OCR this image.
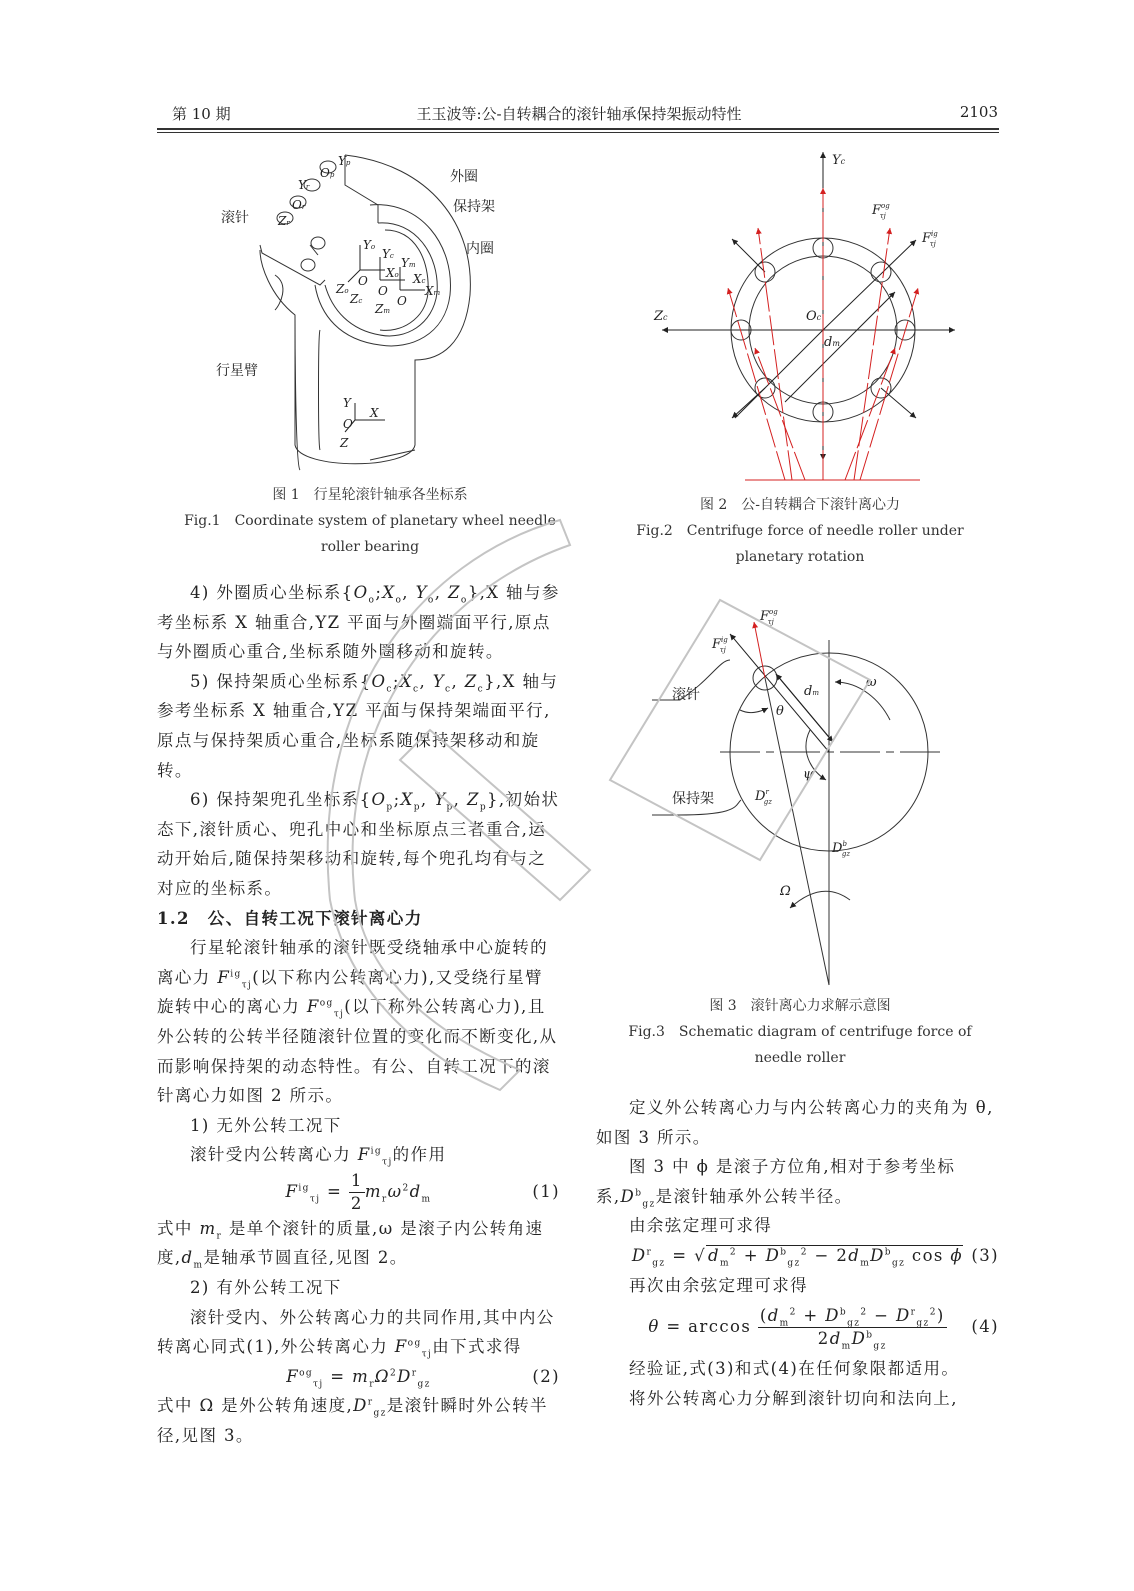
第 10 期	王玉波等:公-自转耦合的滚针轴承保持架振动特性	2103
Yo Yc Ym
Xo Xc
Xm
Zo
Zc
Zm
O
O
O
Y
X
O
Z
Op
Or
Yr
Zr
Yp
外圈
保持架
滚针
内圈
行星臂
图 1　行星轮滚针轴承各坐标系
Fig.1　Coordinate system of planetary wheel needle
roller bearing
Yc
Zc	Oc
dm
$F^{og}$ τj
$F^{ig}$ τj
图 2　公-自转耦合下滚针离心力
Fig.2　Centrifuge force of needle roller under
planetary rotation
$F^{og}$ τj
$F^{ig}$ τj
ω
θ
ψ
dm
$D^r$ gz
$D^b$ gz
Ω
滚针
保持架
图 3　滚针离心力求解示意图
Fig.3　Schematic diagram of centrifuge force of
needle roller

4) 外圈质心坐标系{$O_o;X_o$, $Y_o$, $Z_o\},X$ 轴与参考坐标系 X 轴重合,YZ 平面与外圈端面平行,原点与外圈质心重合,坐标系随外圈移动和旋转。

5) 保持架质心坐标系{$O_c;X_c$, $Y_c$, $Z_c\},X$ 轴与参考坐标系 X 轴重合,YZ 平面与保持架端面平行,原点与保持架质心重合,坐标系随保持架移动和旋转。

6) 保持架兜孔坐标系{$O_p;X_p$, $Y_p$, $Z_p$},初始状态下,滚针质心、兜孔中心和坐标原点三者重合,运动开始后,随保持架移动和旋转,每个兜孔均有与之对应的坐标系。

1.2　公、自转工况下滚针离心力

行星轮滚针轴承的滚针既受绕轴承中心旋转的离心力 $F^{ig}_{\tau j}$(以下称内公转离心力),又受绕行星臂旋转中心的离心力 $F^{og}_{\tau j}$(以下称外公转离心力),且外公转的公转半径随滚针位置的变化而不断变化,从而影响保持架的动态特性。有公、自转工况下的滚针离心力如图 2 所示。

1) 无外公转工况下

滚针受内公转离心力 $F^{ig}_{\tau j}$的作用

$F^{ig}_{\tau j} = \frac{1}{2} m_r\omega^2d_m$	(1)

式中 $m_r$ 是单个滚针的质量,ω 是滚子内公转角速度$,d_m$是轴承节圆直径,见图 2。

2) 有外公转工况下

滚针受内、外公转离心力的共同作用,其中内公转离心同式(1),外公转离心力 $F^{og}_{\tau j}$由下式求得

$F^{og}_{\tau j} = m_r\Omega^2D^r_{gz}$	(2)

式中 Ω 是外公转角速度$,D^r_{gz}$是滚针瞬时外公转半径,见图 3。

定义外公转离心力与内公转离心力的夹角为 θ,如图 3 所示。

图 3 中 ϕ 是滚子方位角,相对于参考坐标系$,D^b_{gz}$是滚针轴承外公转半径。

由余弦定理可求得

$D^r_{gz}$ = √ $d_m^2 + D^b_{gz}^2 - 2d_mD^b_{gz}$ cos ϕ (3)

再次由余弦定理可求得

$\theta = \arccos \frac{(d_m^2 + D^b_{gz}^2 - D^r_{gz}^2)}{2d_mD^b_{gz}} (4)$

经验证,式(3)和式(4)在任何象限都适用。

将外公转离心力分解到滚针切向和法向上,
